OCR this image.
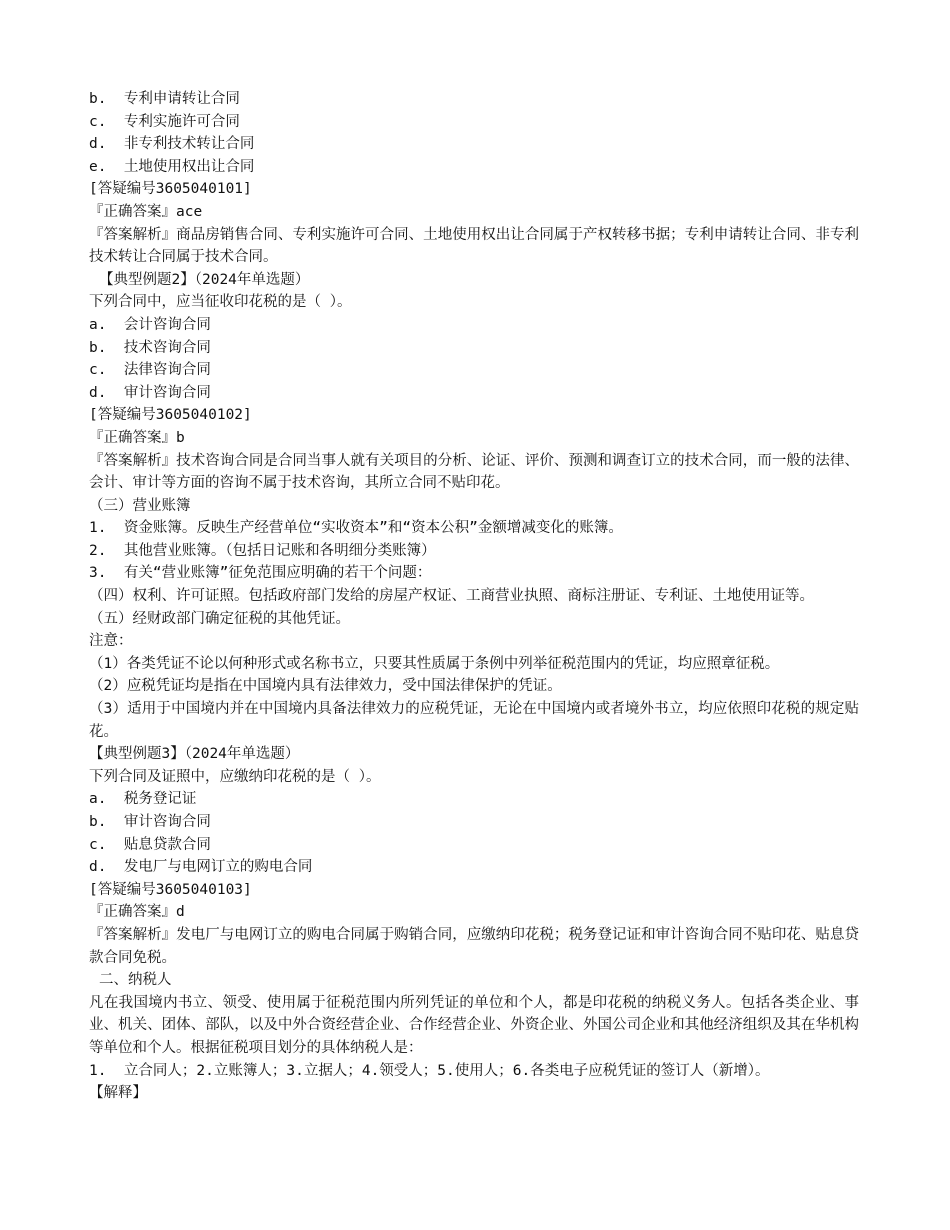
b.  专利申请转让合同

c.  专利实施许可合同

d.  非专利技术转让合同

e.  土地使用权出让合同

[答疑编号3605040101]

『正确答案』ace

『答案解析』商品房销售合同、专利实施许可合同、土地使用权出让合同属于产权转移书据；专利申请转让合同、非专利技术转让合同属于技术合同。

【典型例题2】（2024年单选题）

下列合同中，应当征收印花税的是（ ）。

a.  会计咨询合同

b.  技术咨询合同

c.  法律咨询合同

d.  审计咨询合同

[答疑编号3605040102]

『正确答案』b

『答案解析』技术咨询合同是合同当事人就有关项目的分析、论证、评价、预测和调查订立的技术合同，而一般的法律、会计、审计等方面的咨询不属于技术咨询，其所立合同不贴印花。

（三）营业账簿

1.  资金账簿。反映生产经营单位“实收资本”和“资本公积”金额增减变化的账簿。

2.  其他营业账簿。（包括日记账和各明细分类账簿）

3.  有关“营业账簿”征免范围应明确的若干个问题：

（四）权利、许可证照。包括政府部门发给的房屋产权证、工商营业执照、商标注册证、专利证、土地使用证等。

（五）经财政部门确定征税的其他凭证。

注意：

（1）各类凭证不论以何种形式或名称书立，只要其性质属于条例中列举征税范围内的凭证，均应照章征税。

（2）应税凭证均是指在中国境内具有法律效力，受中国法律保护的凭证。

（3）适用于中国境内并在中国境内具备法律效力的应税凭证，无论在中国境内或者境外书立，均应依照印花税的规定贴花。

【典型例题3】（2024年单选题）

下列合同及证照中，应缴纳印花税的是（ ）。

a.  税务登记证

b.  审计咨询合同

c.  贴息贷款合同

d.  发电厂与电网订立的购电合同

[答疑编号3605040103]

『正确答案』d

『答案解析』发电厂与电网订立的购电合同属于购销合同，应缴纳印花税；税务登记证和审计咨询合同不贴印花、贴息贷款合同免税。

二、纳税人

凡在我国境内书立、领受、使用属于征税范围内所列凭证的单位和个人，都是印花税的纳税义务人。包括各类企业、事业、机关、团体、部队，以及中外合资经营企业、合作经营企业、外资企业、外国公司企业和其他经济组织及其在华机构等单位和个人。根据征税项目划分的具体纳税人是：

1.  立合同人；2.立账簿人；3.立据人；4.领受人；5.使用人；6.各类电子应税凭证的签订人（新增）。

【解释】
